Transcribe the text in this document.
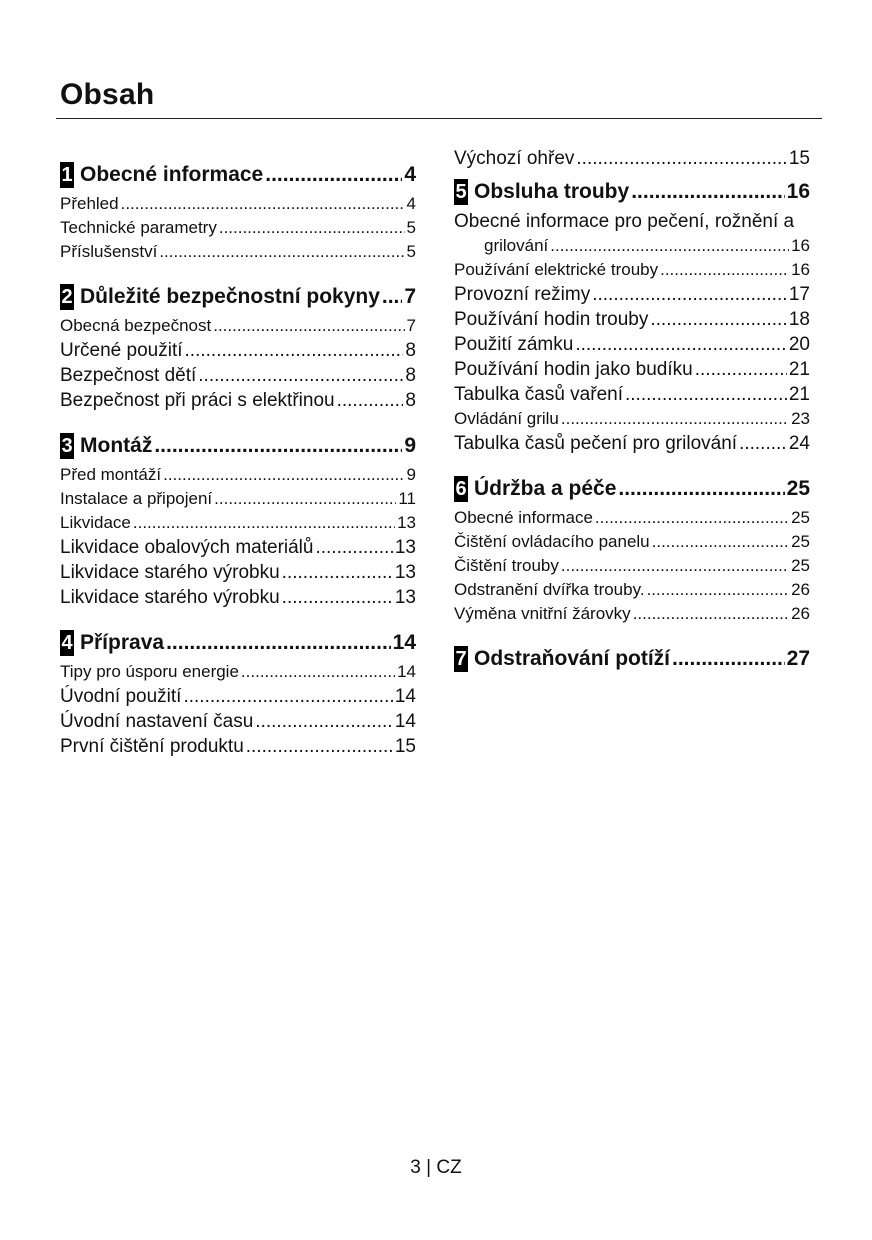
Obsah
1 Obecné informace .....	4
Přehled .....	4
Technické parametry .....	5
Příslušenství .....	5
2 Důležité bezpečnostní pokyny ..... 7
Obecná bezpečnost .....	7
Určené použití .....	8
Bezpečnost dětí .....	8
Bezpečnost při práci s elektřinou .....	8
3 Montáž .....	9
Před montáží .....	9
Instalace a připojení .....	11
Likvidace .....	13
Likvidace obalových materiálů .....	13
Likvidace starého výrobku .....	13
Likvidace starého výrobku .....	13
4 Příprava .....	14
Tipy pro úsporu energie .....	14
Úvodní použití .....	14
Úvodní nastavení času .....	14
První čištění produktu .....	15
Výchozí ohřev .....	15
5 Obsluha trouby .....	16
Obecné informace pro pečení, rožnění a
grilování .....	16
Používání elektrické trouby .....	16
Provozní režimy .....	17
Používání hodin trouby .....	18
Použití zámku .....	20
Používání hodin jako budíku .....	21
Tabulka časů vaření .....	21
Ovládání grilu .....	23
Tabulka časů pečení pro grilování .....	24
6 Údržba a péče .....	25
Obecné informace .....	25
Čištění ovládacího panelu .....	25
Čištění trouby .....	25
Odstranění dvířka trouby. .....	26
Výměna vnitřní žárovky .....	26
7 Odstraňování potíží .....	27
3 | CZ
